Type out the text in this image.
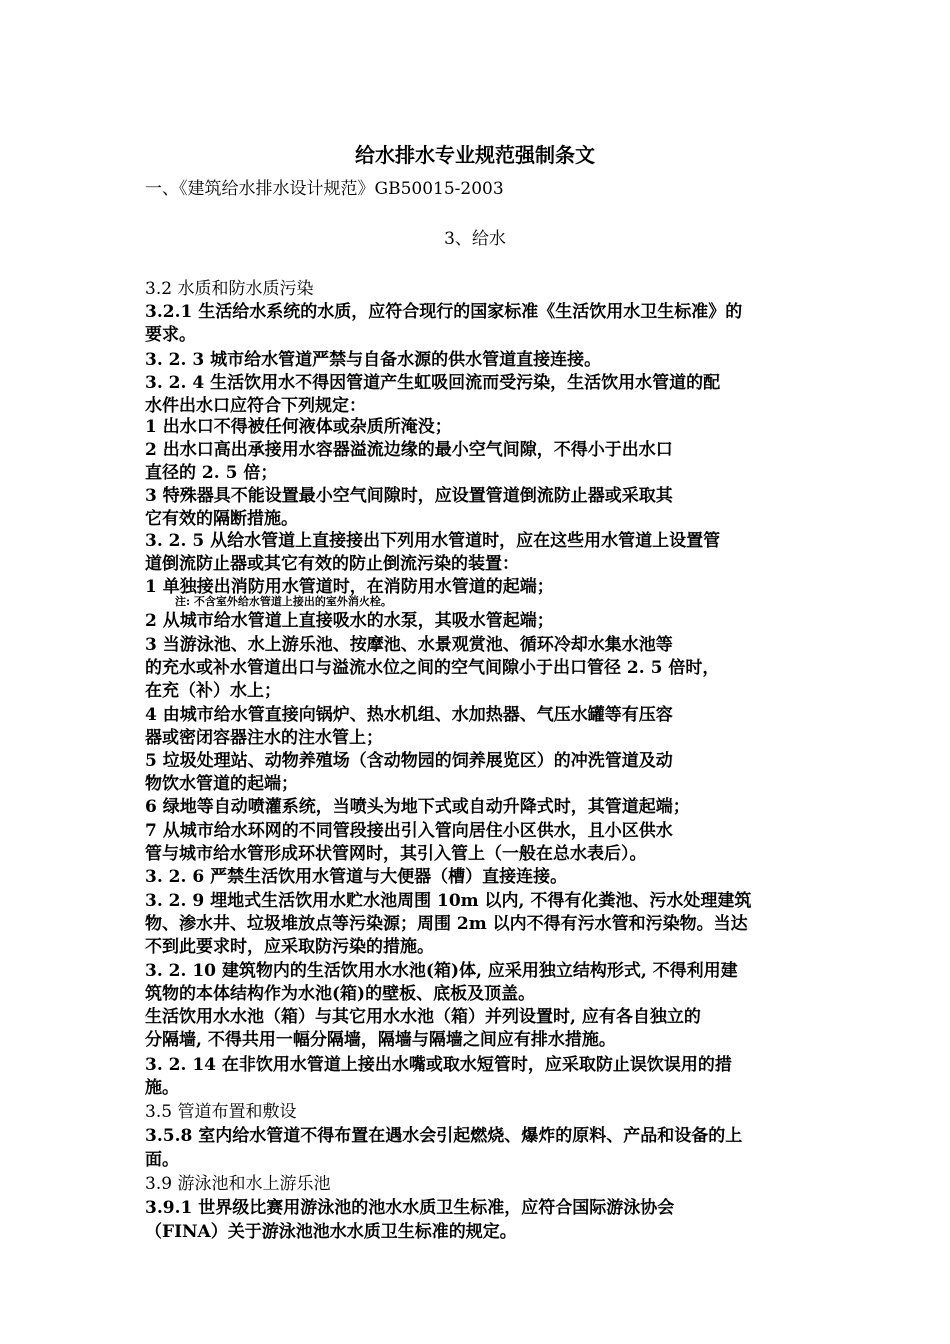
给水排水专业规范强制条文
一、《建筑给水排水设计规范》GB50015-2003
3、给水
3.2 水质和防水质污染
3.2.1 生活给水系统的水质，应符合现行的国家标准《生活饮用水卫生标准》的
要求。
3. 2. 3 城市给水管道严禁与自备水源的供水管道直接连接。
3. 2. 4 生活饮用水不得因管道产生虹吸回流而受污染，生活饮用水管道的配
水件出水口应符合下列规定：
1 出水口不得被任何液体或杂质所淹没；
2 出水口高出承接用水容器溢流边缘的最小空气间隙，不得小于出水口
直径的 2. 5 倍；
3 特殊器具不能设置最小空气间隙时，应设置管道倒流防止器或采取其
它有效的隔断措施。
3. 2. 5 从给水管道上直接接出下列用水管道时，应在这些用水管道上设置管
道倒流防止器或其它有效的防止倒流污染的装置：
1 单独接出消防用水管道时，在消防用水管道的起端；
注: 不含室外给水管道上接出的室外消火栓。
2 从城市给水管道上直接吸水的水泵，其吸水管起端；
3 当游泳池、水上游乐池、按摩池、水景观赏池、循环冷却水集水池等
的充水或补水管道出口与溢流水位之间的空气间隙小于出口管径 2. 5 倍时，
在充（补）水上；
4 由城市给水管直接向锅炉、热水机组、水加热器、气压水罐等有压容
器或密闭容器注水的注水管上；
5 垃圾处理站、动物养殖场（含动物园的饲养展览区）的冲洗管道及动
物饮水管道的起端；
6 绿地等自动喷灌系统，当喷头为地下式或自动升降式时，其管道起端；
7 从城市给水环网的不同管段接出引入管向居住小区供水，且小区供水
管与城市给水管形成环状管网时，其引入管上（一般在总水表后）。
3. 2. 6 严禁生活饮用水管道与大便器（槽）直接连接。
3. 2. 9 埋地式生活饮用水贮水池周围 10m 以内, 不得有化粪池、污水处理建筑
物、渗水井、垃圾堆放点等污染源；周围 2m 以内不得有污水管和污染物。当达
不到此要求时，应采取防污染的措施。
3. 2. 10 建筑物内的生活饮用水水池(箱)体, 应采用独立结构形式, 不得利用建
筑物的本体结构作为水池(箱)的壁板、底板及顶盖。
生活饮用水水池（箱）与其它用水水池（箱）并列设置时, 应有各自独立的
分隔墙, 不得共用一幅分隔墙，隔墙与隔墙之间应有排水措施。
3. 2. 14 在非饮用水管道上接出水嘴或取水短管时，应采取防止误饮误用的措
施。
3.5 管道布置和敷设
3.5.8 室内给水管道不得布置在遇水会引起燃烧、爆炸的原料、产品和设备的上
面。
3.9 游泳池和水上游乐池
3.9.1 世界级比赛用游泳池的池水水质卫生标准，应符合国际游泳协会
（FINA）关于游泳池池水水质卫生标准的规定。
